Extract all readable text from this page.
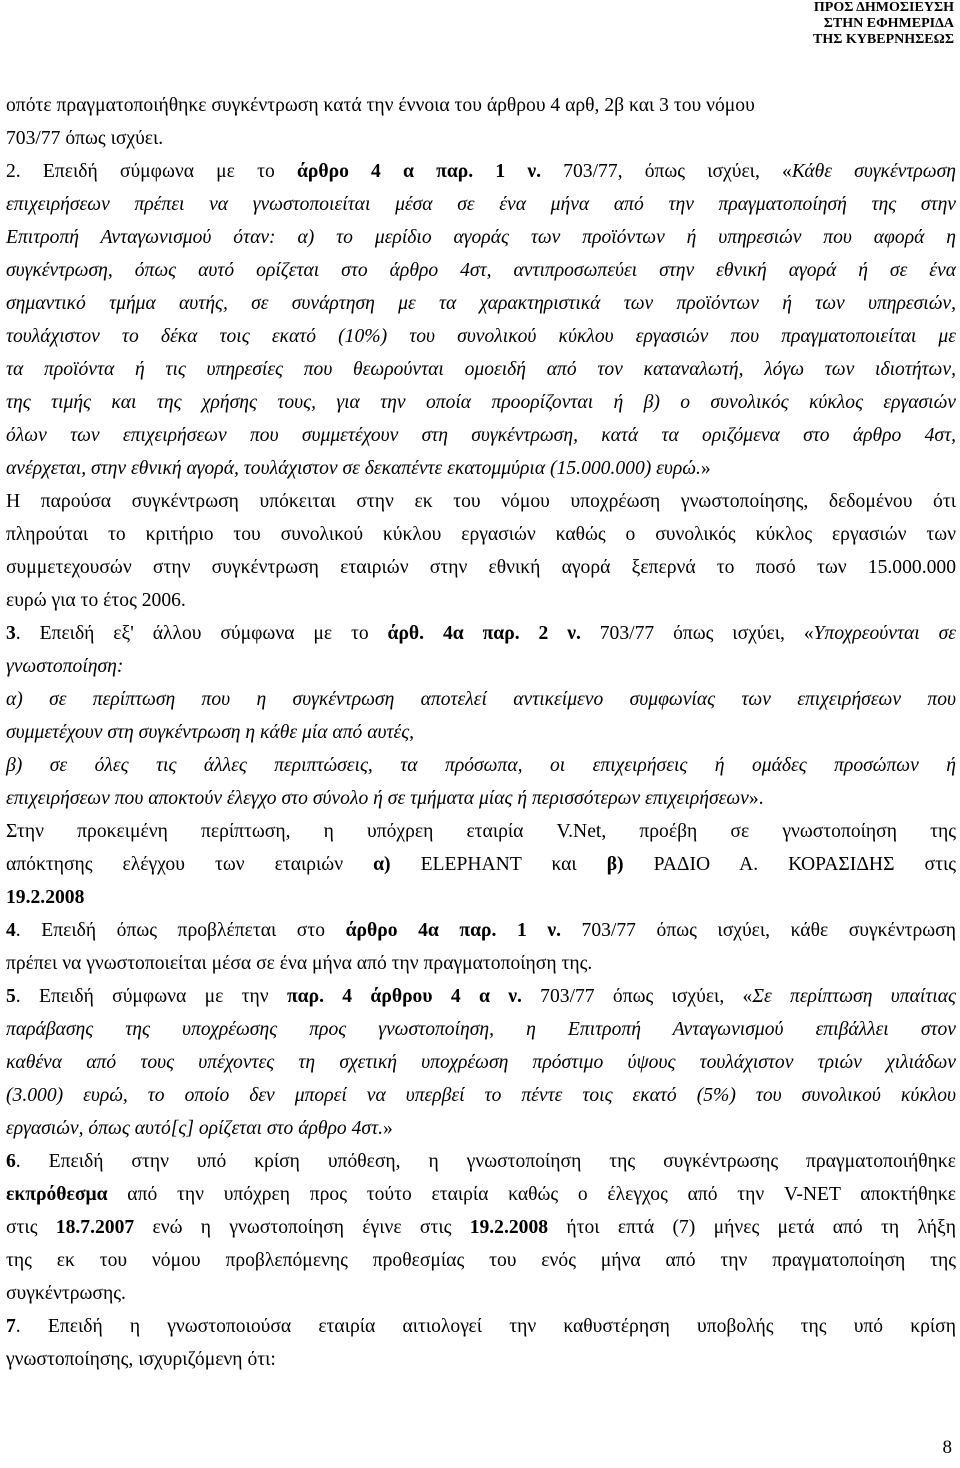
ΠΡΟΣ ΔΗΜΟΣΙΕΥΣΗ
ΣΤΗΝ ΕΦΗΜΕΡΙΔΑ
ΤΗΣ ΚΥΒΕΡΝΗΣΕΩΣ
οπότε πραγματοποιήθηκε συγκέντρωση κατά την έννοια του άρθρου 4 αρθ, 2β και 3 του νόμου
703/77 όπως ισχύει.
2. Επειδή σύμφωνα με το άρθρο 4 α παρ. 1 ν. 703/77, όπως ισχύει, «Κάθε συγκέντρωση
επιχειρήσεων πρέπει να γνωστοποιείται μέσα σε ένα μήνα από την πραγματοποίησή της στην
Επιτροπή Ανταγωνισμού όταν: α) το μερίδιο αγοράς των προϊόντων ή υπηρεσιών που αφορά η
συγκέντρωση, όπως αυτό ορίζεται στο άρθρο 4στ, αντιπροσωπεύει στην εθνική αγορά ή σε ένα
σημαντικό τμήμα αυτής, σε συνάρτηση με τα χαρακτηριστικά των προϊόντων ή των υπηρεσιών,
τουλάχιστον το δέκα τοις εκατό (10%) του συνολικού κύκλου εργασιών που πραγματοποιείται με
τα προϊόντα ή τις υπηρεσίες που θεωρούνται ομοειδή από τον καταναλωτή, λόγω των ιδιοτήτων,
της τιμής και της χρήσης τους, για την οποία προορίζονται ή β) ο συνολικός κύκλος εργασιών
όλων των επιχειρήσεων που συμμετέχουν στη συγκέντρωση, κατά τα οριζόμενα στο άρθρο 4στ,
ανέρχεται, στην εθνική αγορά, τουλάχιστον σε δεκαπέντε εκατομμύρια (15.000.000) ευρώ.»
Η παρούσα συγκέντρωση υπόκειται στην εκ του νόμου υποχρέωση γνωστοποίησης, δεδομένου ότι
πληρούται το κριτήριο του συνολικού κύκλου εργασιών καθώς ο συνολικός κύκλος εργασιών των
συμμετεχουσών στην συγκέντρωση εταιριών στην εθνική αγορά ξεπερνά το ποσό των 15.000.000
ευρώ για το έτος 2006.
3. Επειδή εξ' άλλου σύμφωνα με το άρθ. 4α παρ. 2 ν. 703/77 όπως ισχύει, «Υποχρεούνται σε
γνωστοποίηση:
α) σε περίπτωση που η συγκέντρωση αποτελεί αντικείμενο συμφωνίας των επιχειρήσεων που
συμμετέχουν στη συγκέντρωση η κάθε μία από αυτές,
β) σε όλες τις άλλες περιπτώσεις, τα πρόσωπα, οι επιχειρήσεις ή ομάδες προσώπων ή
επιχειρήσεων που αποκτούν έλεγχο στο σύνολο ή σε τμήματα μίας ή περισσότερων επιχειρήσεων».
Στην προκειμένη περίπτωση, η υπόχρεη εταιρία V.Net, προέβη σε γνωστοποίηση της
απόκτησης ελέγχου των εταιριών α) ELEPHANT και β) ΡΑΔΙΟ Α. ΚΟΡΑΣΙΔΗΣ στις
19.2.2008
4. Επειδή όπως προβλέπεται στο άρθρο 4α παρ. 1 ν. 703/77 όπως ισχύει, κάθε συγκέντρωση
πρέπει να γνωστοποιείται μέσα σε ένα μήνα από την πραγματοποίηση της.
5. Επειδή σύμφωνα με την παρ. 4 άρθρου 4 α ν. 703/77 όπως ισχύει, «Σε περίπτωση υπαίτιας
παράβασης της υποχρέωσης προς γνωστοποίηση, η Επιτροπή Ανταγωνισμού επιβάλλει στον
καθένα από τους υπέχοντες τη σχετική υποχρέωση πρόστιμο ύψους τουλάχιστον τριών χιλιάδων
(3.000) ευρώ, το οποίο δεν μπορεί να υπερβεί το πέντε τοις εκατό (5%) του συνολικού κύκλου
εργασιών, όπως αυτό[ς] ορίζεται στο άρθρο 4στ.»
6. Επειδή στην υπό κρίση υπόθεση, η γνωστοποίηση της συγκέντρωσης πραγματοποιήθηκε
εκπρόθεσμα από την υπόχρεη προς τούτο εταιρία καθώς ο έλεγχος από την V-NET αποκτήθηκε
στις 18.7.2007 ενώ η γνωστοποίηση έγινε στις 19.2.2008 ήτοι επτά (7) μήνες μετά από τη λήξη
της εκ του νόμου προβλεπόμενης προθεσμίας του ενός μήνα από την πραγματοποίηση της
συγκέντρωσης.
7. Επειδή η γνωστοποιούσα εταιρία αιτιολογεί την καθυστέρηση υποβολής της υπό κρίση
γνωστοποίησης, ισχυριζόμενη ότι:
8
